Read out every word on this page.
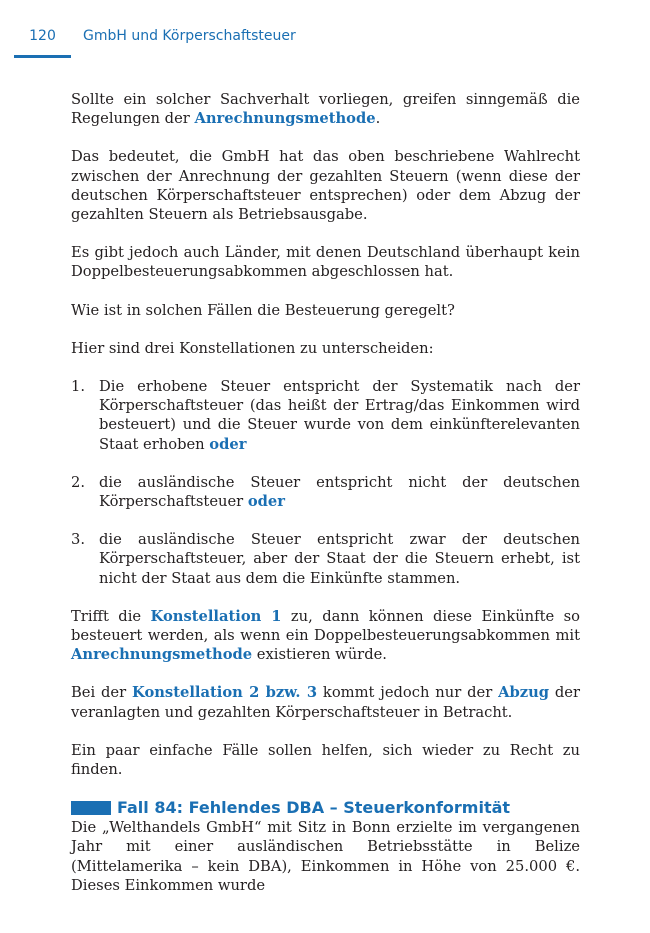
120	GmbH und Körperschaftsteuer

Sollte ein solcher Sachverhalt vorliegen, greifen sinngemäß die Regelungen der Anrechnungsmethode.

Das bedeutet, die GmbH hat das oben beschriebene Wahlrecht zwischen der Anrechnung der gezahlten Steuern (wenn diese der deutschen Körperschaftsteuer entsprechen) oder dem Abzug der gezahlten Steuern als Betriebsausgabe.

Es gibt jedoch auch Länder, mit denen Deutschland überhaupt kein Doppelbesteuerungsabkommen abgeschlossen hat.

Wie ist in solchen Fällen die Besteuerung geregelt?

Hier sind drei Konstellationen zu unterscheiden:

1. Die erhobene Steuer entspricht der Systematik nach der Körperschaftsteuer (das heißt der Ertrag/das Einkommen wird besteuert) und die Steuer wurde von dem einkünfterelevanten Staat erhoben oder
2. die ausländische Steuer entspricht nicht der deutschen Körperschaftsteuer oder
3. die ausländische Steuer entspricht zwar der deutschen Körperschaftsteuer, aber der Staat der die Steuern erhebt, ist nicht der Staat aus dem die Einkünfte stammen.

Trifft die Konstellation 1 zu, dann können diese Einkünfte so besteuert werden, als wenn ein Doppelbesteuerungsabkommen mit Anrechnungsmethode existieren würde.

Bei der Konstellation 2 bzw. 3 kommt jedoch nur der Abzug der veranlagten und gezahlten Körperschaftsteuer in Betracht.

Ein paar einfache Fälle sollen helfen, sich wieder zu Recht zu finden.

Fall 84: Fehlendes DBA – Steuerkonformität

Die „Welthandels GmbH“ mit Sitz in Bonn erzielte im vergangenen Jahr mit einer ausländischen Betriebsstätte in Belize (Mittelamerika – kein DBA), Einkommen in Höhe von 25.000 €. Dieses Einkommen wurde
